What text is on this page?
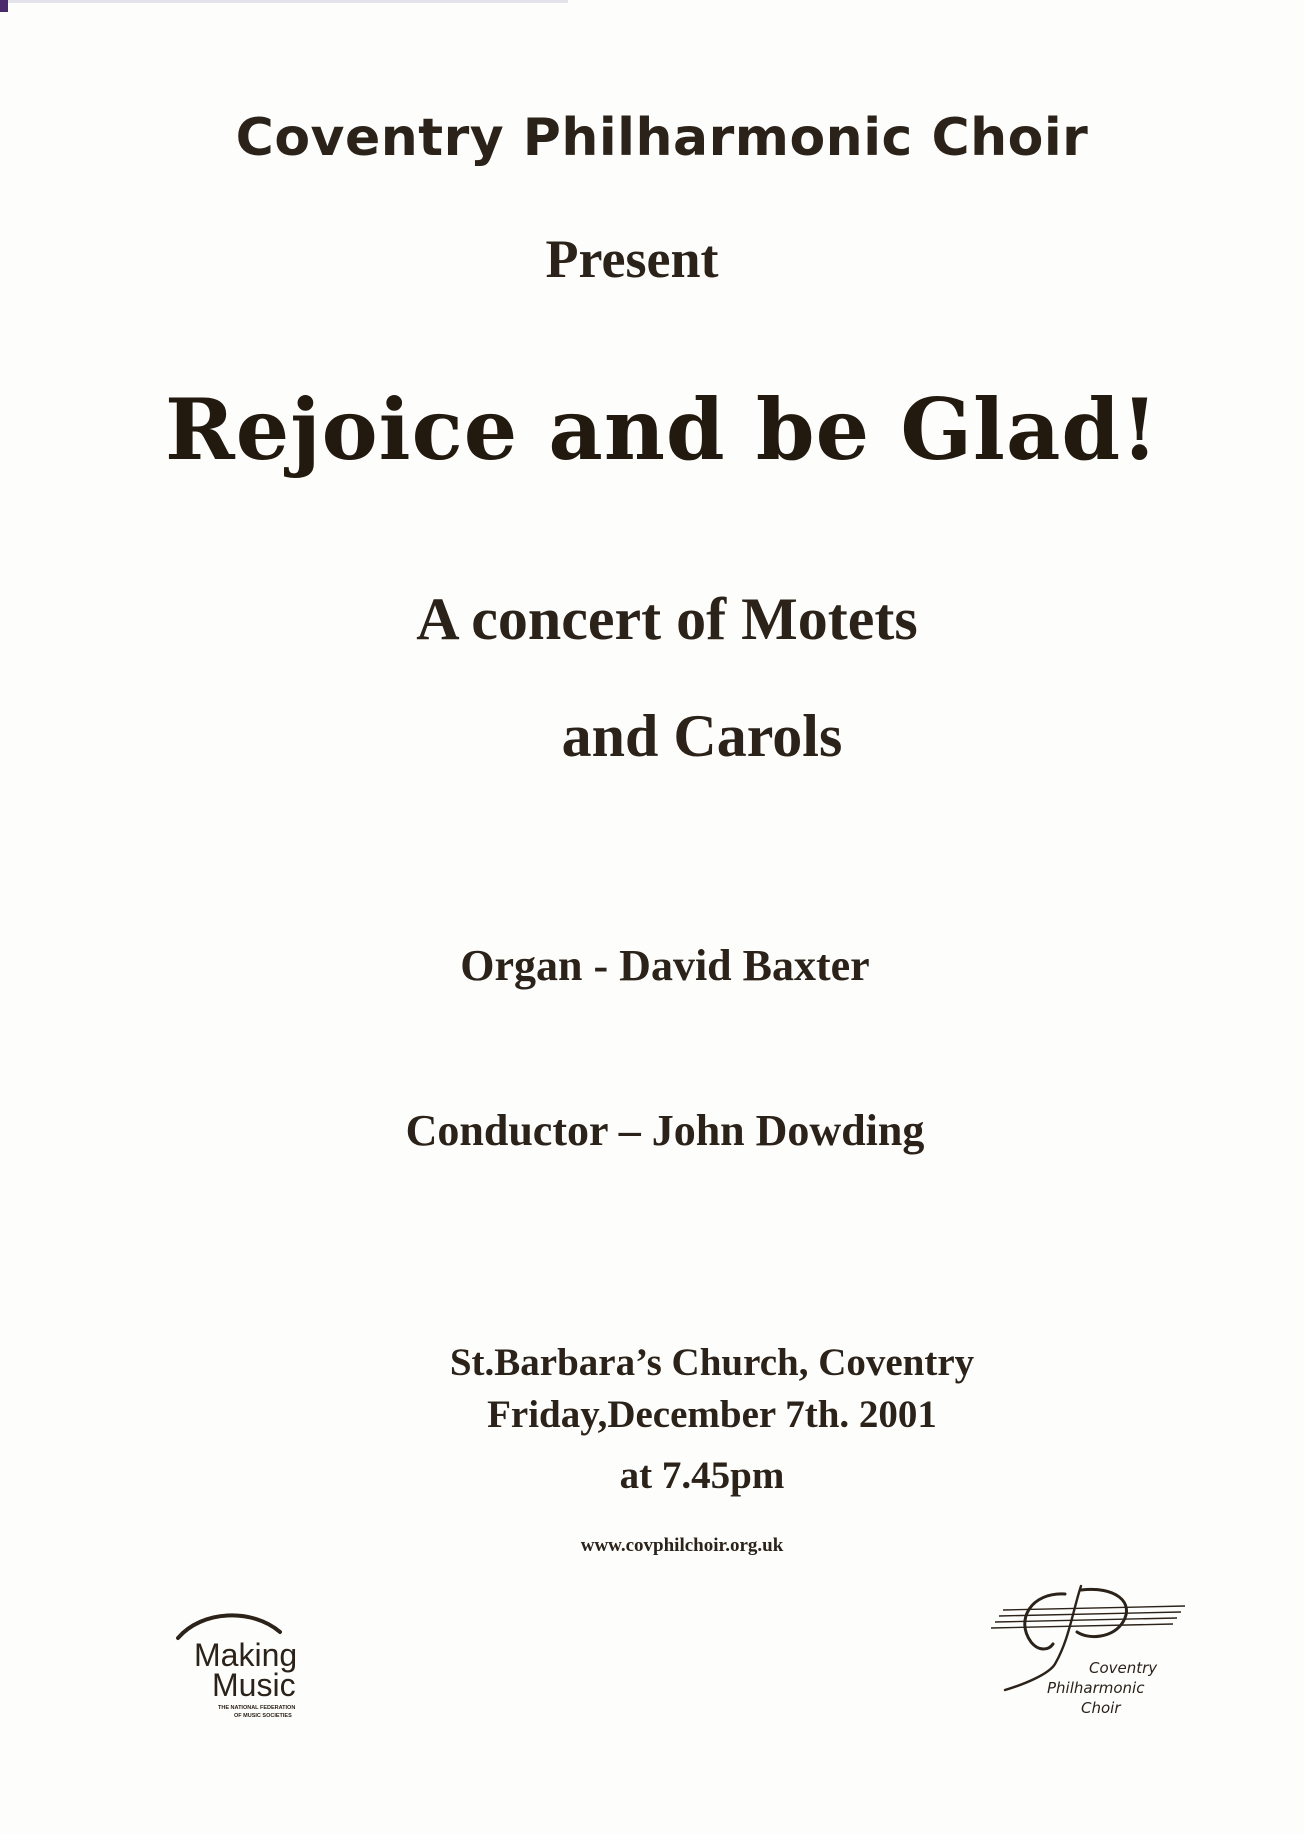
Coventry Philharmonic Choir
Present
Rejoice and be Glad!
A concert of Motets
and Carols
Organ - David Baxter
Conductor – John Dowding
St.Barbara’s Church, Coventry
Friday,December 7th. 2001
at 7.45pm
www.covphilchoir.org.uk
Making
Music
THE NATIONAL FEDERATION
OF MUSIC SOCIETIES
Coventry
Philharmonic
Choir
